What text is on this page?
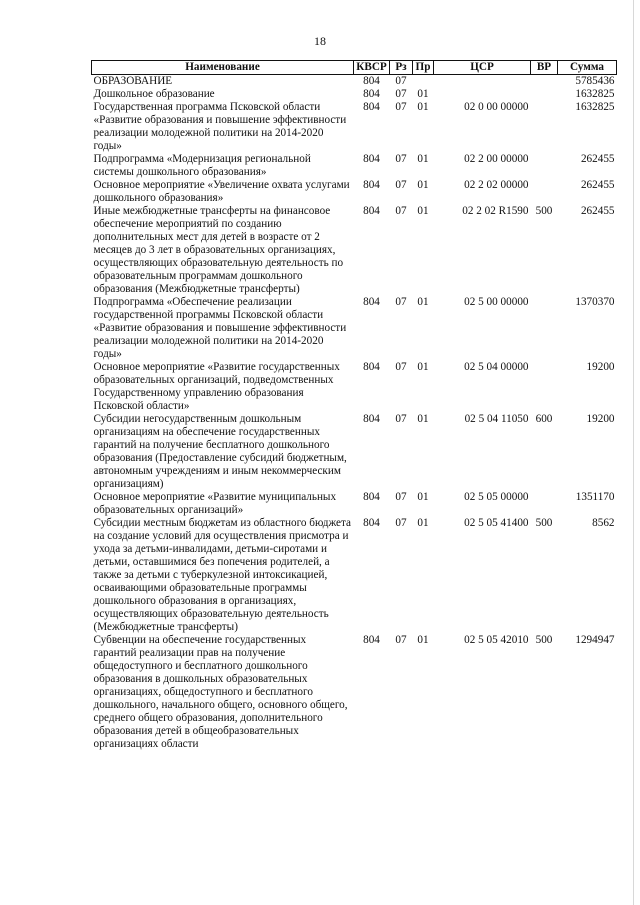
18
Наименование	КВСР	Рз	Пр	ЦСР	ВР	Сумма
ОБРАЗОВАНИЕ	804	07				5785436
Дошкольное образование	804	07	01			1632825
Государственная программа Псковской области «Развитие образования и повышение эффективности реализации молодежной политики на 2014-2020 годы»	804	07	01	02 0 00 00000		1632825
Подпрограмма «Модернизация региональной системы дошкольного образования»	804	07	01	02 2 00 00000		262455
Основное мероприятие «Увеличение охвата услугами дошкольного образования»	804	07	01	02 2 02 00000		262455
Иные межбюджетные трансферты на финансовое обеспечение мероприятий по созданию дополнительных мест для детей в возрасте от 2 месяцев до 3 лет в образовательных организациях, осуществляющих образовательную деятельность по образовательным программам дошкольного образования (Межбюджетные трансферты)	804	07	01	02 2 02 R1590	500	262455
Подпрограмма «Обеспечение реализации государственной программы Псковской области «Развитие образования и повышение эффективности реализации молодежной политики на 2014-2020 годы»	804	07	01	02 5 00 00000		1370370
Основное мероприятие «Развитие государственных образовательных организаций, подведомственных Государственному управлению образования Псковской области»	804	07	01	02 5 04 00000		19200
Субсидии негосударственным дошкольным организациям на обеспечение государственных гарантий на получение бесплатного дошкольного образования (Предоставление субсидий бюджетным, автономным учреждениям и иным некоммерческим организациям)	804	07	01	02 5 04 11050	600	19200
Основное мероприятие «Развитие муниципальных образовательных организаций»	804	07	01	02 5 05 00000		1351170
Субсидии местным бюджетам из областного бюджета на создание условий для осуществления присмотра и ухода за детьми-инвалидами, детьми-сиротами и детьми, оставшимися без попечения родителей, а также за детьми с туберкулезной интоксикацией, осваивающими образовательные программы дошкольного образования в организациях, осуществляющих образовательную деятельность (Межбюджетные трансферты)	804	07	01	02 5 05 41400	500	8562
Субвенции на обеспечение государственных гарантий реализации прав на получение общедоступного и бесплатного дошкольного образования в дошкольных образовательных организациях, общедоступного и бесплатного дошкольного, начального общего, основного общего, среднего общего образования, дополнительного образования детей в общеобразовательных организациях области	804	07	01	02 5 05 42010	500	1294947
